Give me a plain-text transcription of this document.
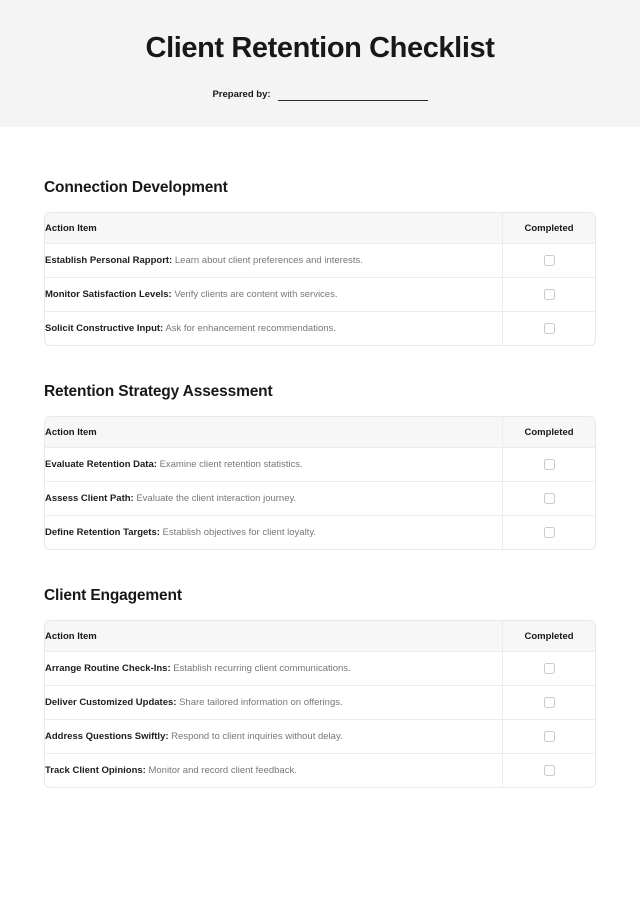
Client Retention Checklist
Prepared by:
Connection Development
Action Item	Completed
Establish Personal Rapport: Learn about client preferences and interests.	
Monitor Satisfaction Levels: Verify clients are content with services.	
Solicit Constructive Input: Ask for enhancement recommendations.	
Retention Strategy Assessment
Action Item	Completed
Evaluate Retention Data: Examine client retention statistics.	
Assess Client Path: Evaluate the client interaction journey.	
Define Retention Targets: Establish objectives for client loyalty.	
Client Engagement
Action Item	Completed
Arrange Routine Check-Ins: Establish recurring client communications.	
Deliver Customized Updates: Share tailored information on offerings.	
Address Questions Swiftly: Respond to client inquiries without delay.	
Track Client Opinions: Monitor and record client feedback.	
